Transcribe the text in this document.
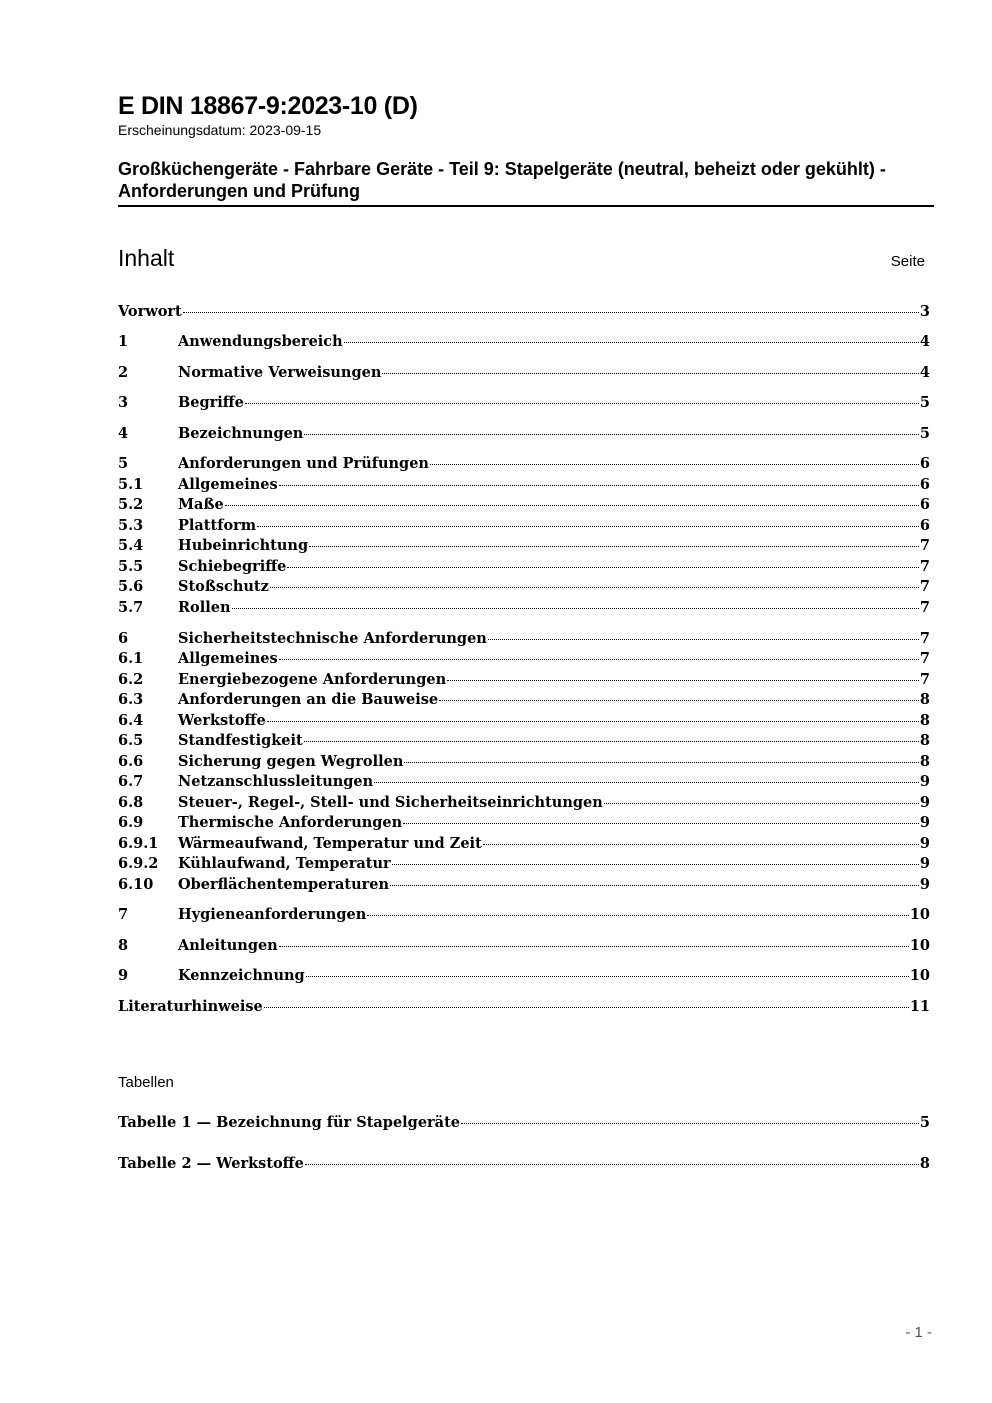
E DIN 18867-9:2023-10 (D)
Erscheinungsdatum: 2023-09-15
Großküchengeräte - Fahrbare Geräte - Teil 9: Stapelgeräte (neutral, beheizt oder gekühlt) - Anforderungen und Prüfung
Inhalt	Seite
Vorwort	3
1	Anwendungsbereich	4
2	Normative Verweisungen	4
3	Begriffe	5
4	Bezeichnungen	5
5	Anforderungen und Prüfungen	6
5.1	Allgemeines	6
5.2	Maße	6
5.3	Plattform	6
5.4	Hubeinrichtung	7
5.5	Schiebegriffe	7
5.6	Stoßschutz	7
5.7	Rollen	7
6	Sicherheitstechnische Anforderungen	7
6.1	Allgemeines	7
6.2	Energiebezogene Anforderungen	7
6.3	Anforderungen an die Bauweise	8
6.4	Werkstoffe	8
6.5	Standfestigkeit	8
6.6	Sicherung gegen Wegrollen	8
6.7	Netzanschlussleitungen	9
6.8	Steuer-, Regel-, Stell- und Sicherheitseinrichtungen	9
6.9	Thermische Anforderungen	9
6.9.1	Wärmeaufwand, Temperatur und Zeit	9
6.9.2	Kühlaufwand, Temperatur	9
6.10	Oberflächentemperaturen	9
7	Hygieneanforderungen	10
8	Anleitungen	10
9	Kennzeichnung	10
Literaturhinweise	11
Tabellen
Tabelle 1 — Bezeichnung für Stapelgeräte	5
Tabelle 2 — Werkstoffe	8
- 1 -
